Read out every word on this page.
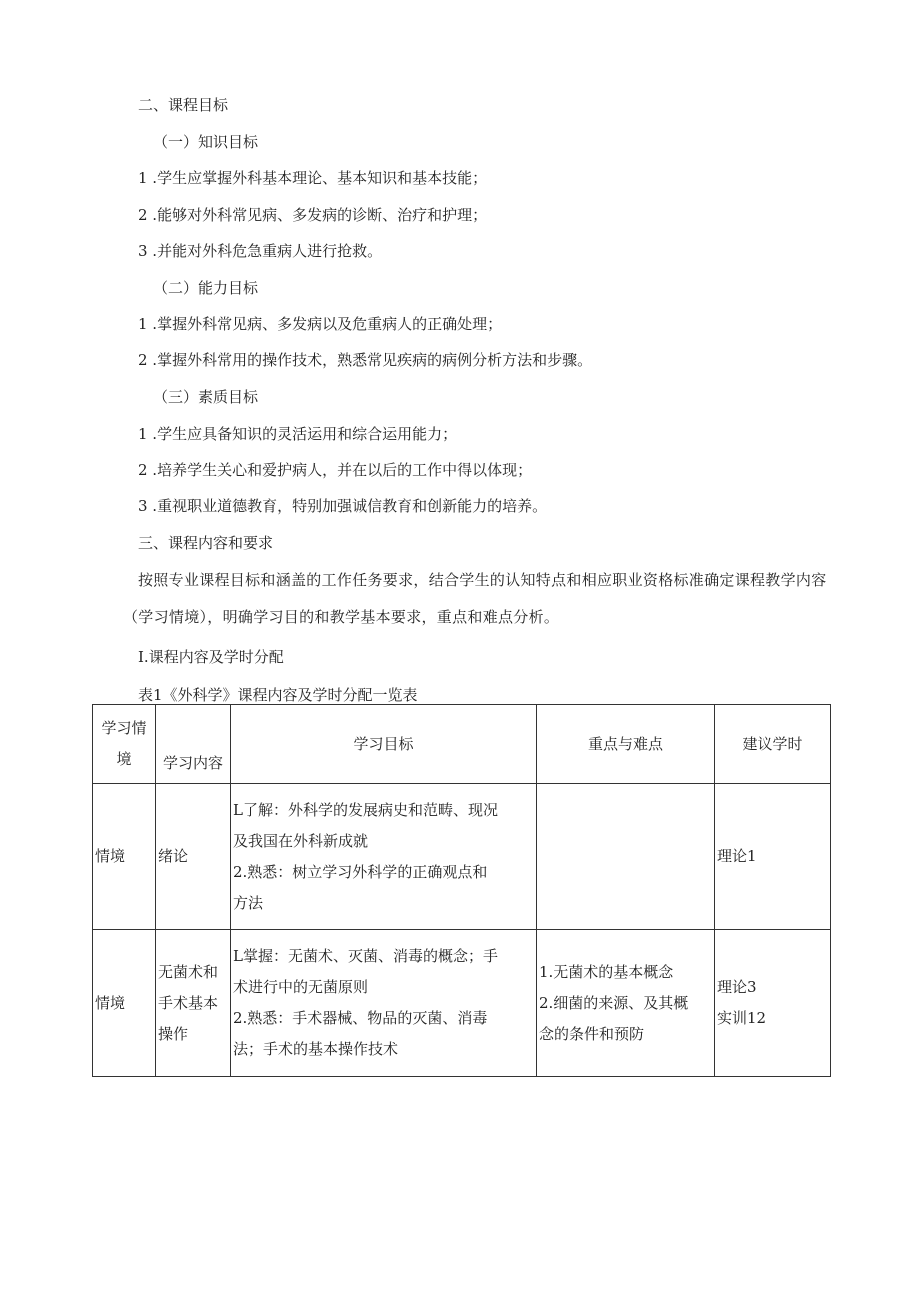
二、课程目标
（一）知识目标
1 .学生应掌握外科基本理论、基本知识和基本技能；
2 .能够对外科常见病、多发病的诊断、治疗和护理；
3 .并能对外科危急重病人进行抢救。
（二）能力目标
1 .掌握外科常见病、多发病以及危重病人的正确处理；
2 .掌握外科常用的操作技术，熟悉常见疾病的病例分析方法和步骤。
（三）素质目标
1 .学生应具备知识的灵活运用和综合运用能力；
2 .培养学生关心和爱护病人，并在以后的工作中得以体现；
3 .重视职业道德教育，特别加强诚信教育和创新能力的培养。
三、课程内容和要求
按照专业课程目标和涵盖的工作任务要求，结合学生的认知特点和相应职业资格标准确定课程教学内容（学习情境），明确学习目的和教学基本要求，重点和难点分析。
I.课程内容及学时分配
表1《外科学》课程内容及学时分配一览表
学习情
境	学习内容	学习目标	重点与难点	建议学时
情境	绪论	L了解：外科学的发展病史和范畴、现况
及我国在外科新成就
2.熟悉：树立学习外科学的正确观点和
方法		理论1
情境	无菌术和
手术基本
操作	L掌握：无菌术、灭菌、消毒的概念；手
术进行中的无菌原则
2.熟悉：手术器械、物品的灭菌、消毒
法；手术的基本操作技术	1.无菌术的基本概念
2.细菌的来源、及其概
念的条件和预防	理论3
实训12
